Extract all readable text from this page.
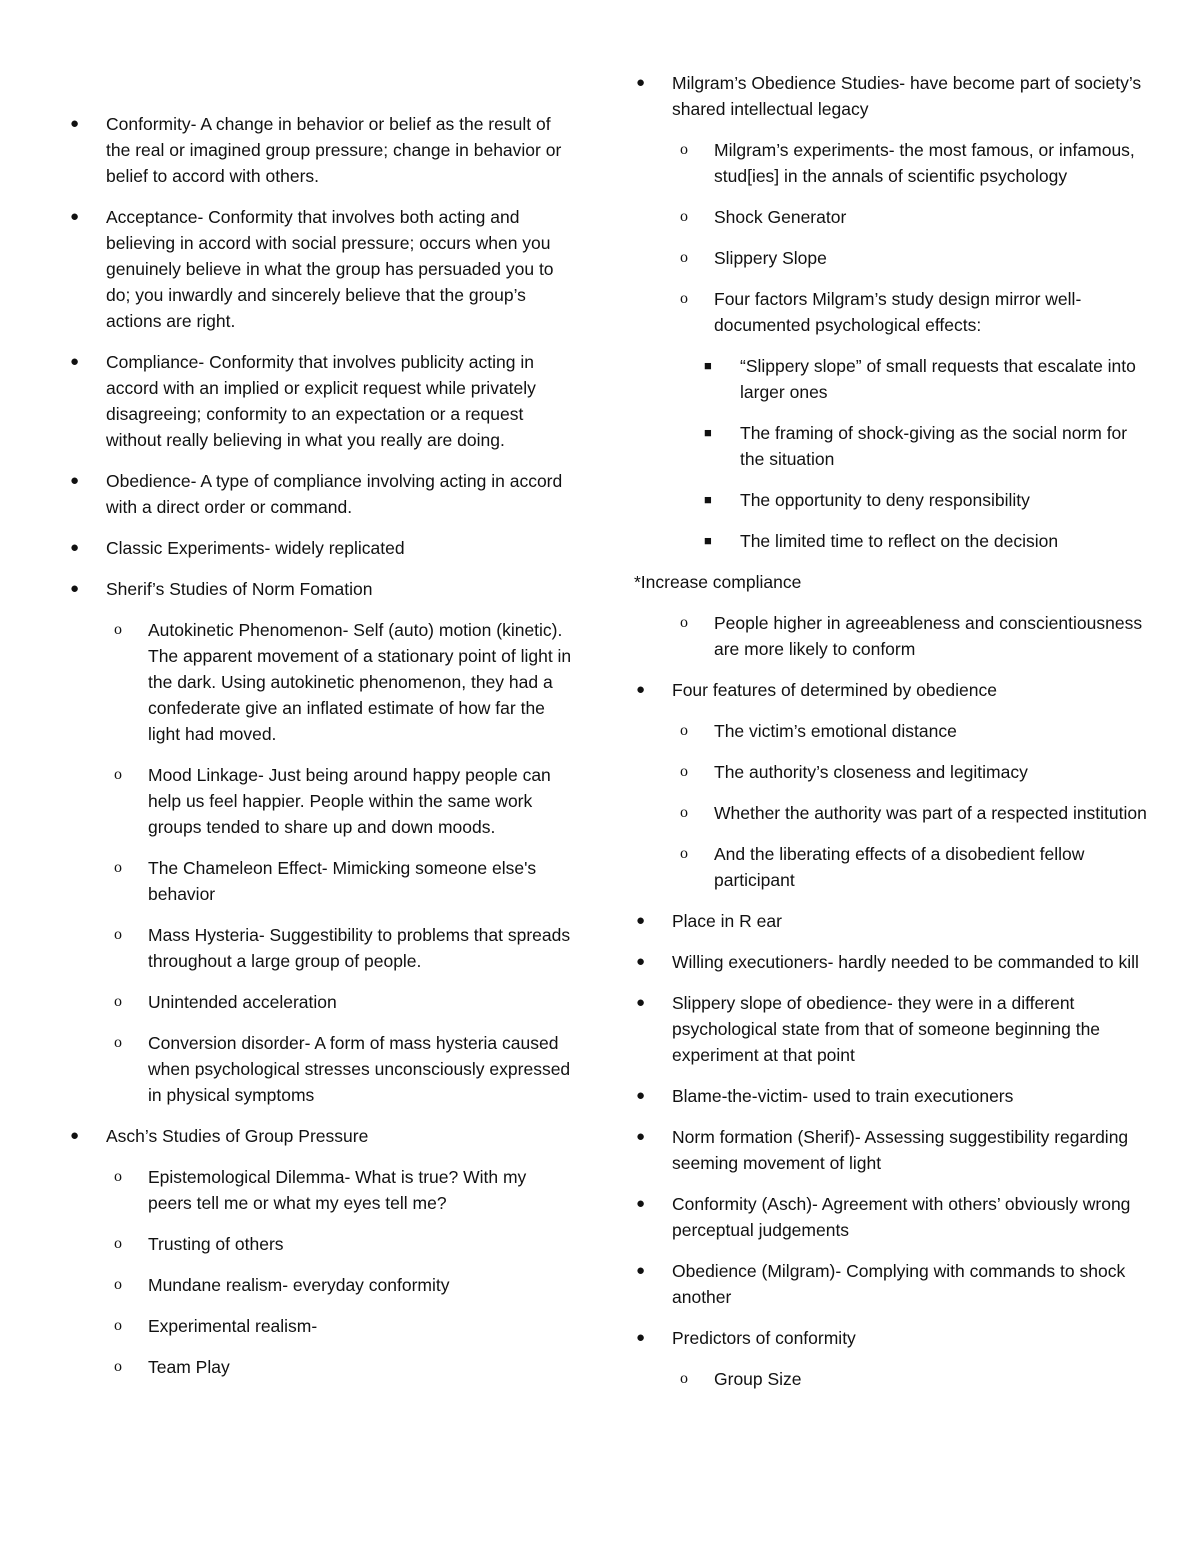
● Conformity- A change in behavior or belief as the result of the real or imagined group pressure; change in behavior or belief to accord with others.
● Acceptance- Conformity that involves both acting and believing in accord with social pressure; occurs when you genuinely believe in what the group has persuaded you to do; you inwardly and sincerely believe that the group’s actions are right.
● Compliance- Conformity that involves publicity acting in accord with an implied or explicit request while privately disagreeing; conformity to an expectation or a request without really believing in what you really are doing.
● Obedience- A type of compliance involving acting in accord with a direct order or command.
● Classic Experiments- widely replicated
● Sherif’s Studies of Norm Fomation
o Autokinetic Phenomenon- Self (auto) motion (kinetic). The apparent movement of a stationary point of light in the dark. Using autokinetic phenomenon, they had a confederate give an inflated estimate of how far the light had moved.
o Mood Linkage- Just being around happy people can help us feel happier. People within the same work groups tended to share up and down moods.
o The Chameleon Effect- Mimicking someone else's behavior
o Mass Hysteria- Suggestibility to problems that spreads throughout a large group of people.
o Unintended acceleration
o Conversion disorder- A form of mass hysteria caused when psychological stresses unconsciously expressed in physical symptoms
● Asch’s Studies of Group Pressure
o Epistemological Dilemma- What is true? With my peers tell me or what my eyes tell me?
o Trusting of others
o Mundane realism- everyday conformity
o Experimental realism-
o Team Play
● Milgram’s Obedience Studies- have become part of society’s shared intellectual legacy
o Milgram’s experiments- the most famous, or infamous, stud[ies] in the annals of scientific psychology
o Shock Generator
o Slippery Slope
o Four factors Milgram’s study design mirror well-documented psychological effects:
■ “Slippery slope” of small requests that escalate into larger ones
■ The framing of shock-giving as the social norm for the situation
■ The opportunity to deny responsibility
■ The limited time to reflect on the decision
*Increase compliance
o People higher in agreeableness and conscientiousness are more likely to conform
● Four features of determined by obedience
o The victim’s emotional distance
o The authority’s closeness and legitimacy
o Whether the authority was part of a respected institution
o And the liberating effects of a disobedient fellow participant
● Place in R ear
● Willing executioners- hardly needed to be commanded to kill
● Slippery slope of obedience- they were in a different psychological state from that of someone beginning the experiment at that point
● Blame-the-victim- used to train executioners
● Norm formation (Sherif)- Assessing suggestibility regarding seeming movement of light
● Conformity (Asch)- Agreement with others’ obviously wrong perceptual judgements
● Obedience (Milgram)- Complying with commands to shock another
● Predictors of conformity
o Group Size
